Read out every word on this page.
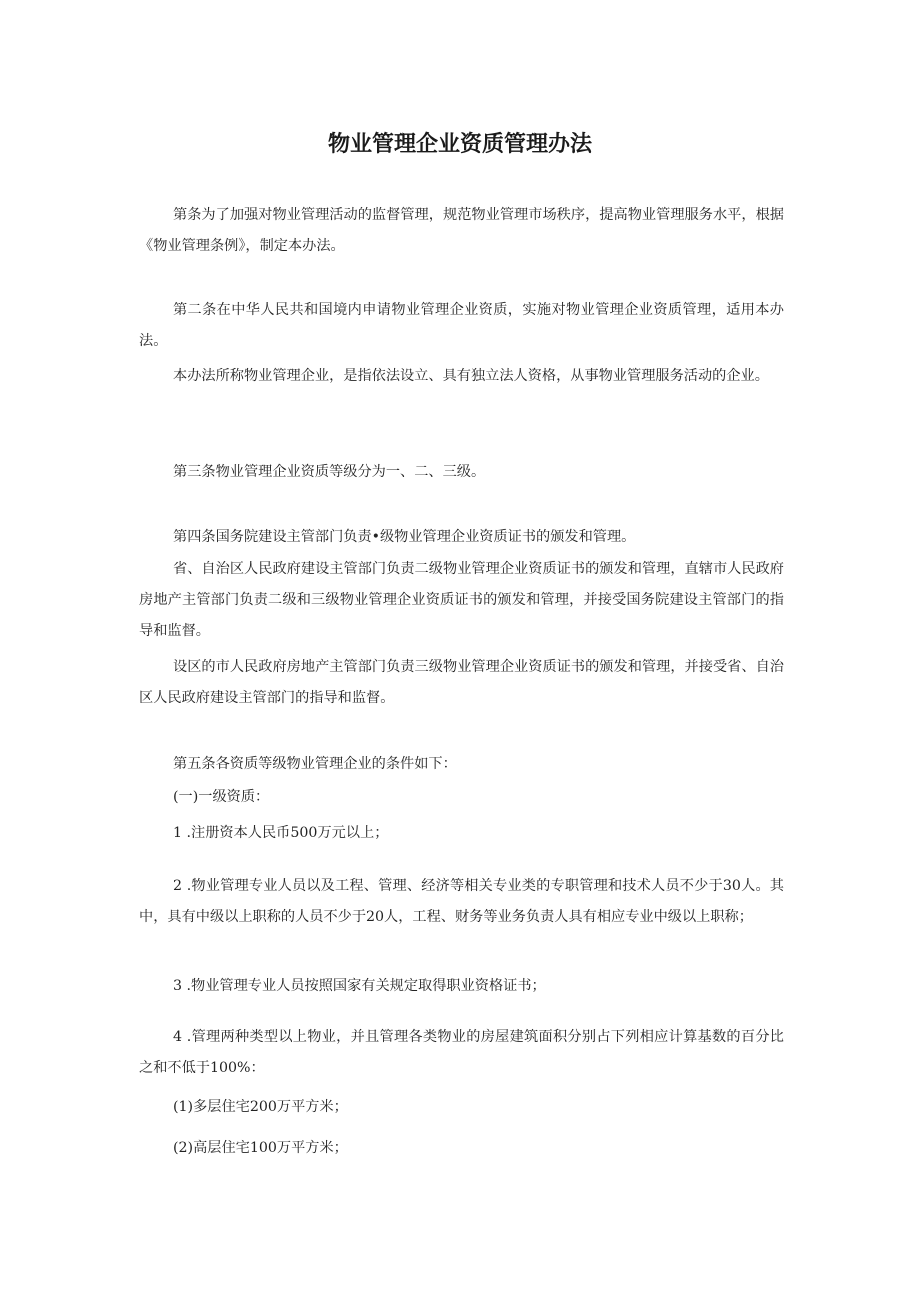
物业管理企业资质管理办法

第条为了加强对物业管理活动的监督管理，规范物业管理市场秩序，提高物业管理服务水平，根据《物业管理条例》，制定本办法。

第二条在中华人民共和国境内申请物业管理企业资质，实施对物业管理企业资质管理，适用本办法。

本办法所称物业管理企业，是指依法设立、具有独立法人资格，从事物业管理服务活动的企业。

第三条物业管理企业资质等级分为一、二、三级。

第四条国务院建设主管部门负责•级物业管理企业资质证书的颁发和管理。

省、自治区人民政府建设主管部门负责二级物业管理企业资质证书的颁发和管理，直辖市人民政府房地产主管部门负责二级和三级物业管理企业资质证书的颁发和管理，并接受国务院建设主管部门的指导和监督。

设区的市人民政府房地产主管部门负责三级物业管理企业资质证书的颁发和管理，并接受省、自治区人民政府建设主管部门的指导和监督。

第五条各资质等级物业管理企业的条件如下：

(一)一级资质：

1 .注册资本人民币500万元以上；

2 .物业管理专业人员以及工程、管理、经济等相关专业类的专职管理和技术人员不少于30人。其中，具有中级以上职称的人员不少于20人，工程、财务等业务负责人具有相应专业中级以上职称；

3 .物业管理专业人员按照国家有关规定取得职业资格证书；

4 .管理两种类型以上物业，并且管理各类物业的房屋建筑面积分别占下列相应计算基数的百分比之和不低于100%：

(1)多层住宅200万平方米；

(2)高层住宅100万平方米；
